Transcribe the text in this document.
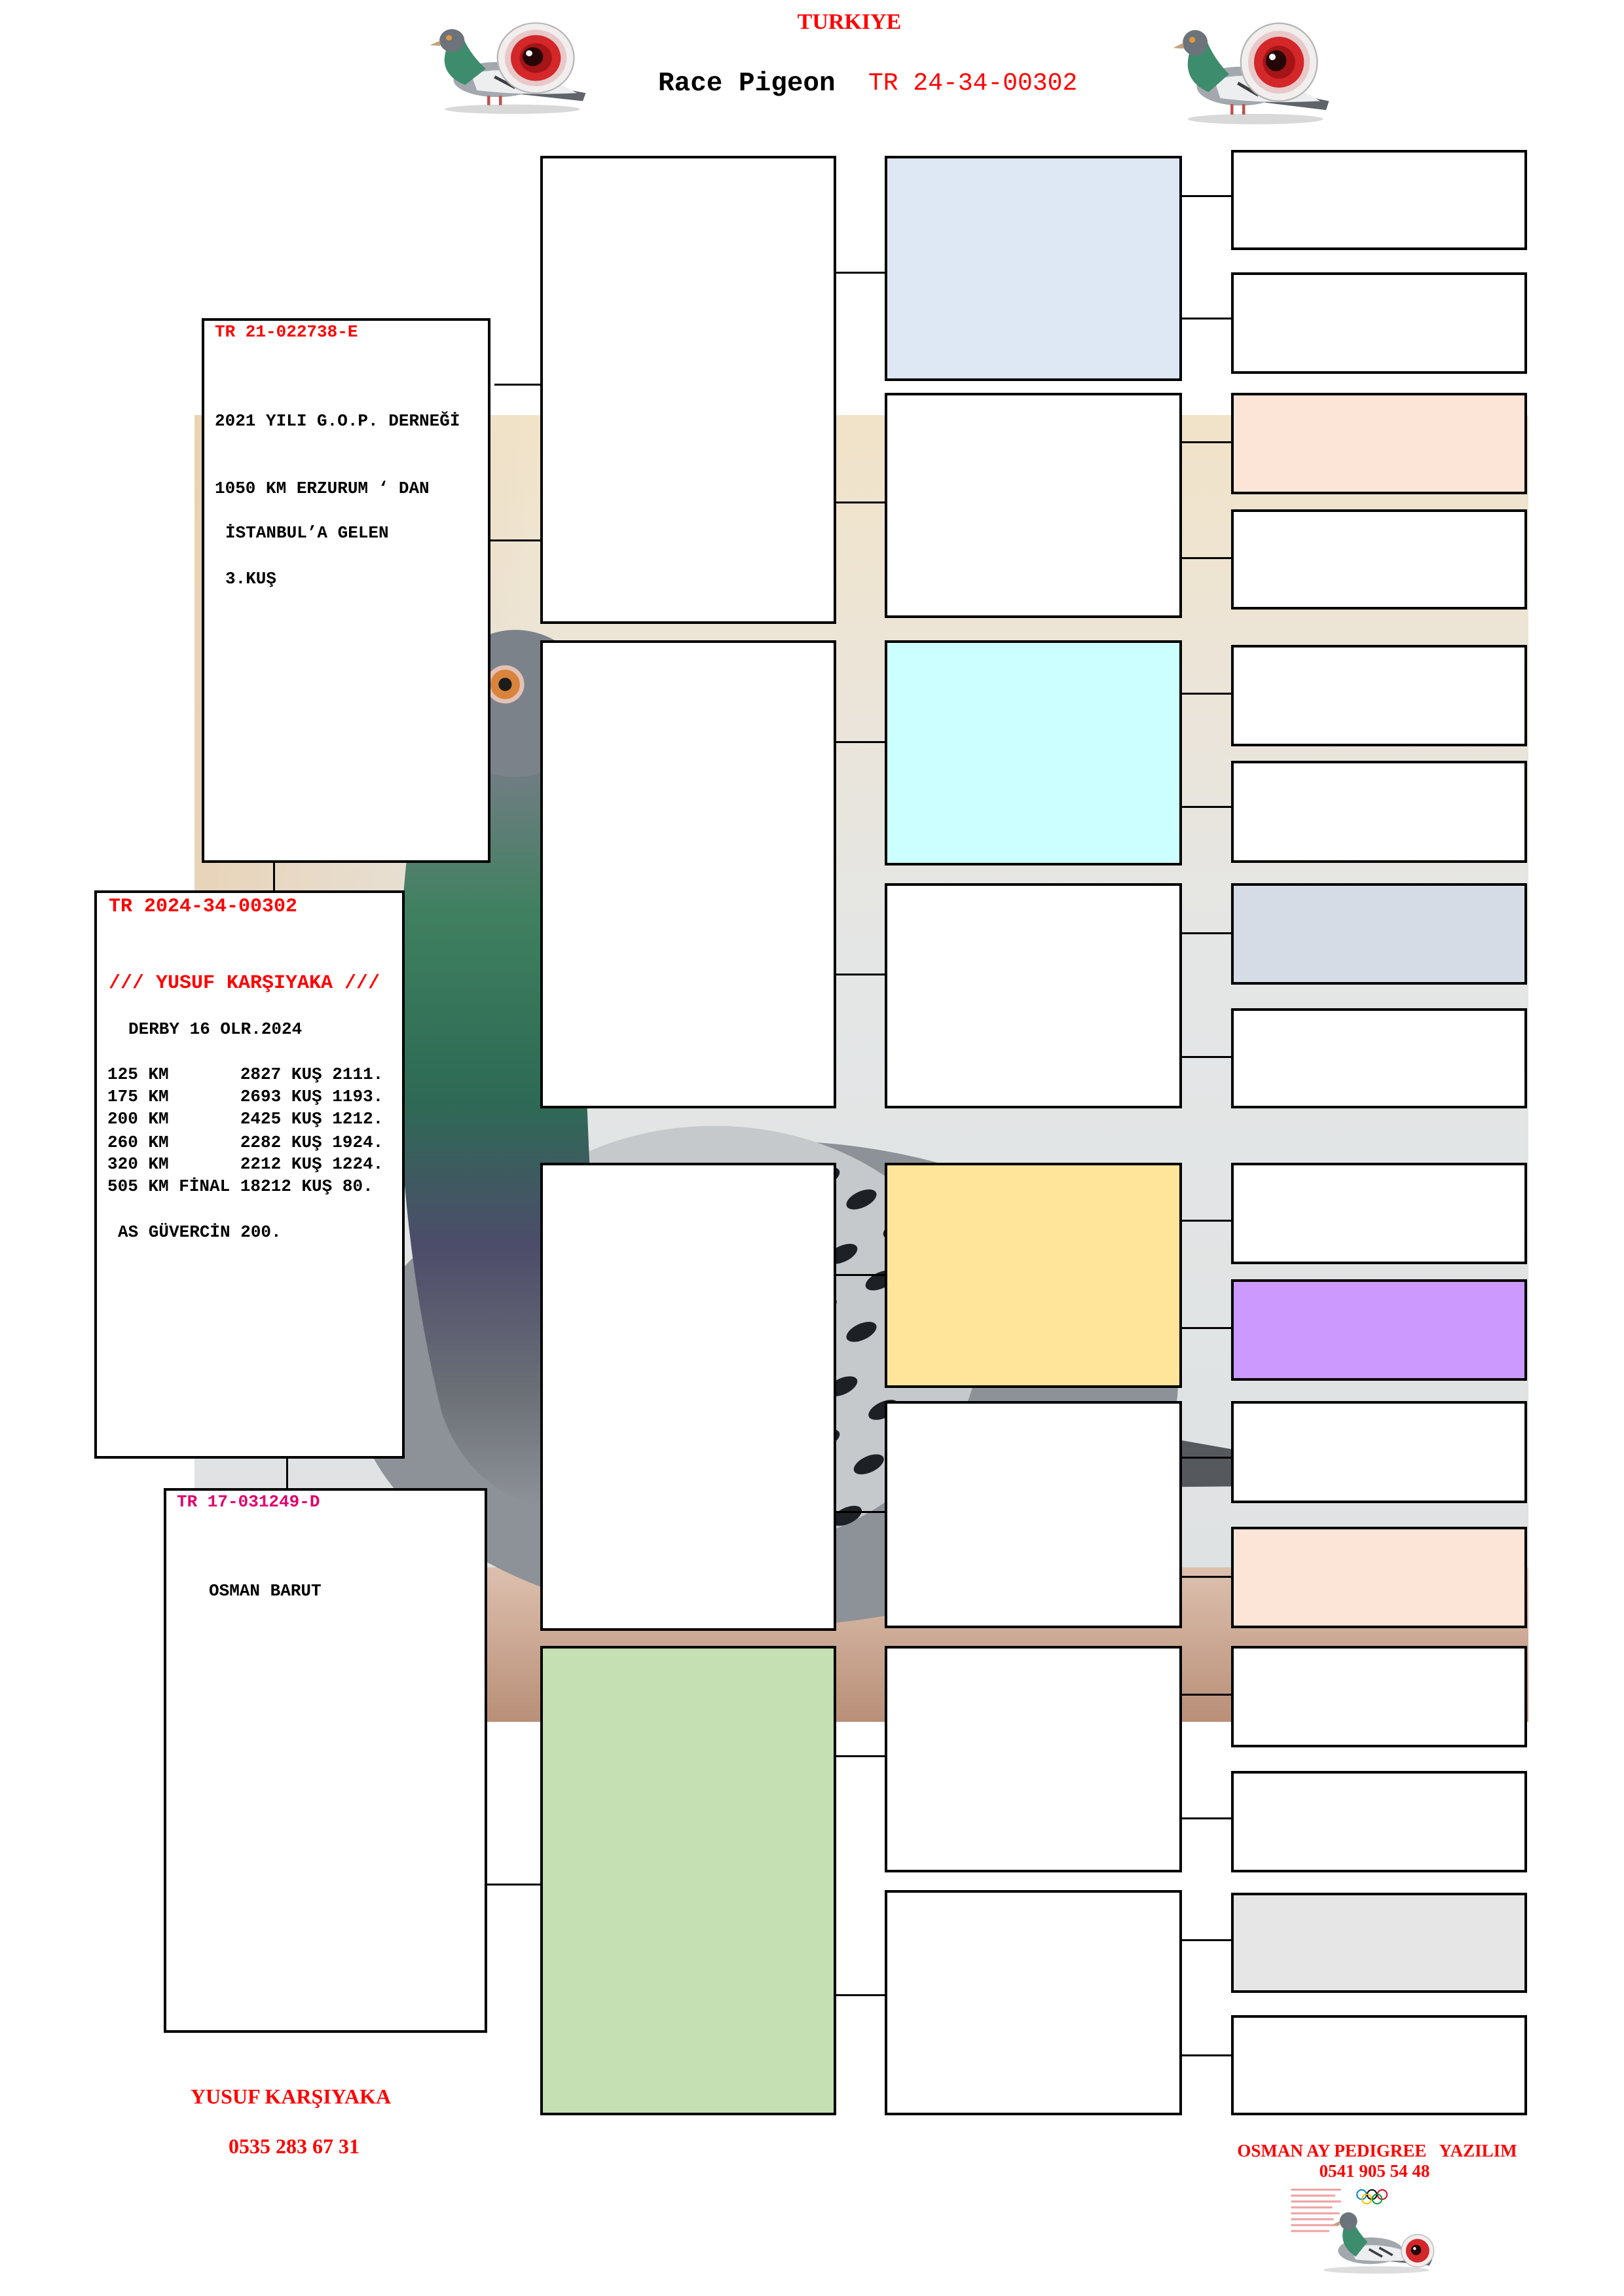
TURKIYE
Race Pigeon TR 24-34-00302
TR 21-022738-E
2021 YILI G.O.P. DERNEĞİ
1050 KM ERZURUM ‘ DAN
İSTANBUL’A GELEN
3.KUŞ
TR 2024-34-00302
/// YUSUF KARŞIYAKA ///
DERBY 16 OLR.2024
125 KM       2827 KUŞ 2111.
175 KM       2693 KUŞ 1193.
200 KM       2425 KUŞ 1212.
260 KM       2282 KUŞ 1924.
320 KM       2212 KUŞ 1224.
505 KM FİNAL 18212 KUŞ 80.
AS GÜVERCİN 200.
TR 17-031249-D
OSMAN BARUT
YUSUF KARŞIYAKA
0535 283 67 31	OSMAN AY PEDIGREE   YAZILIM
0541 905 54 48
